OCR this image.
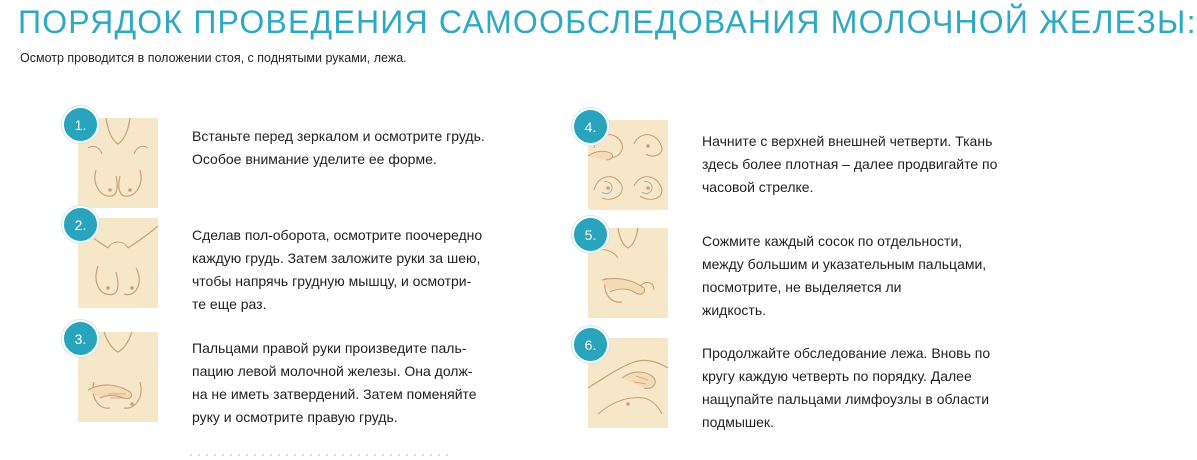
ПОРЯДОК ПРОВЕДЕНИЯ САМООБСЛЕДОВАНИЯ МОЛОЧНОЙ ЖЕЛЕЗЫ:

Осмотр проводится в положении стоя, с поднятыми руками, лежа.

1.
Встаньте перед зеркалом и осмотрите грудь.
Особое внимание уделите ее форме.
2.
Сделав пол-оборота, осмотрите поочередно
каждую грудь. Затем заложите руки за шею,
чтобы напрячь грудную мышцу, и осмотри-
те еще раз.
3.
Пальцами правой руки произведите паль-
пацию левой молочной железы. Она долж-
на не иметь затвердений. Затем поменяйте
руку и осмотрите правую грудь.
4.
Начните с верхней внешней четверти. Ткань
здесь более плотная – далее продвигайте по
часовой стрелке.
5.	Сожмите каждый сосок по отдельности,
между большим и указательным пальцами,
посмотрите, не выделяется ли
жидкость.
6.
Продолжайте обследование лежа. Вновь по
кругу каждую четверть по порядку. Далее
нащупайте пальцами лимфоузлы в области
подмышек.
